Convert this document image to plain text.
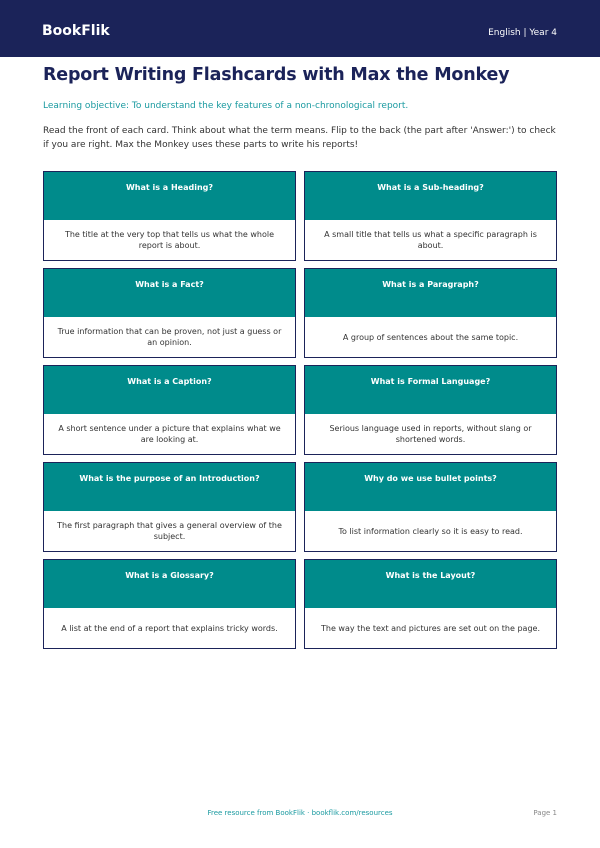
BookFlik	English | Year 4
Report Writing Flashcards with Max the Monkey
Learning objective: To understand the key features of a non-chronological report.
Read the front of each card. Think about what the term means. Flip to the back (the part after 'Answer:') to check if you are right. Max the Monkey uses these parts to write his reports!
What is a Heading?
The title at the very top that tells us what the whole report is about.
What is a Sub-heading?
A small title that tells us what a specific paragraph is about.
What is a Fact?
True information that can be proven, not just a guess or an opinion.
What is a Paragraph?
A group of sentences about the same topic.
What is a Caption?
A short sentence under a picture that explains what we are looking at.
What is Formal Language?
Serious language used in reports, without slang or shortened words.
What is the purpose of an Introduction?
The first paragraph that gives a general overview of the subject.
Why do we use bullet points?
To list information clearly so it is easy to read.
What is a Glossary?
A list at the end of a report that explains tricky words.
What is the Layout?
The way the text and pictures are set out on the page.
Free resource from BookFlik · bookflik.com/resources	Page 1
